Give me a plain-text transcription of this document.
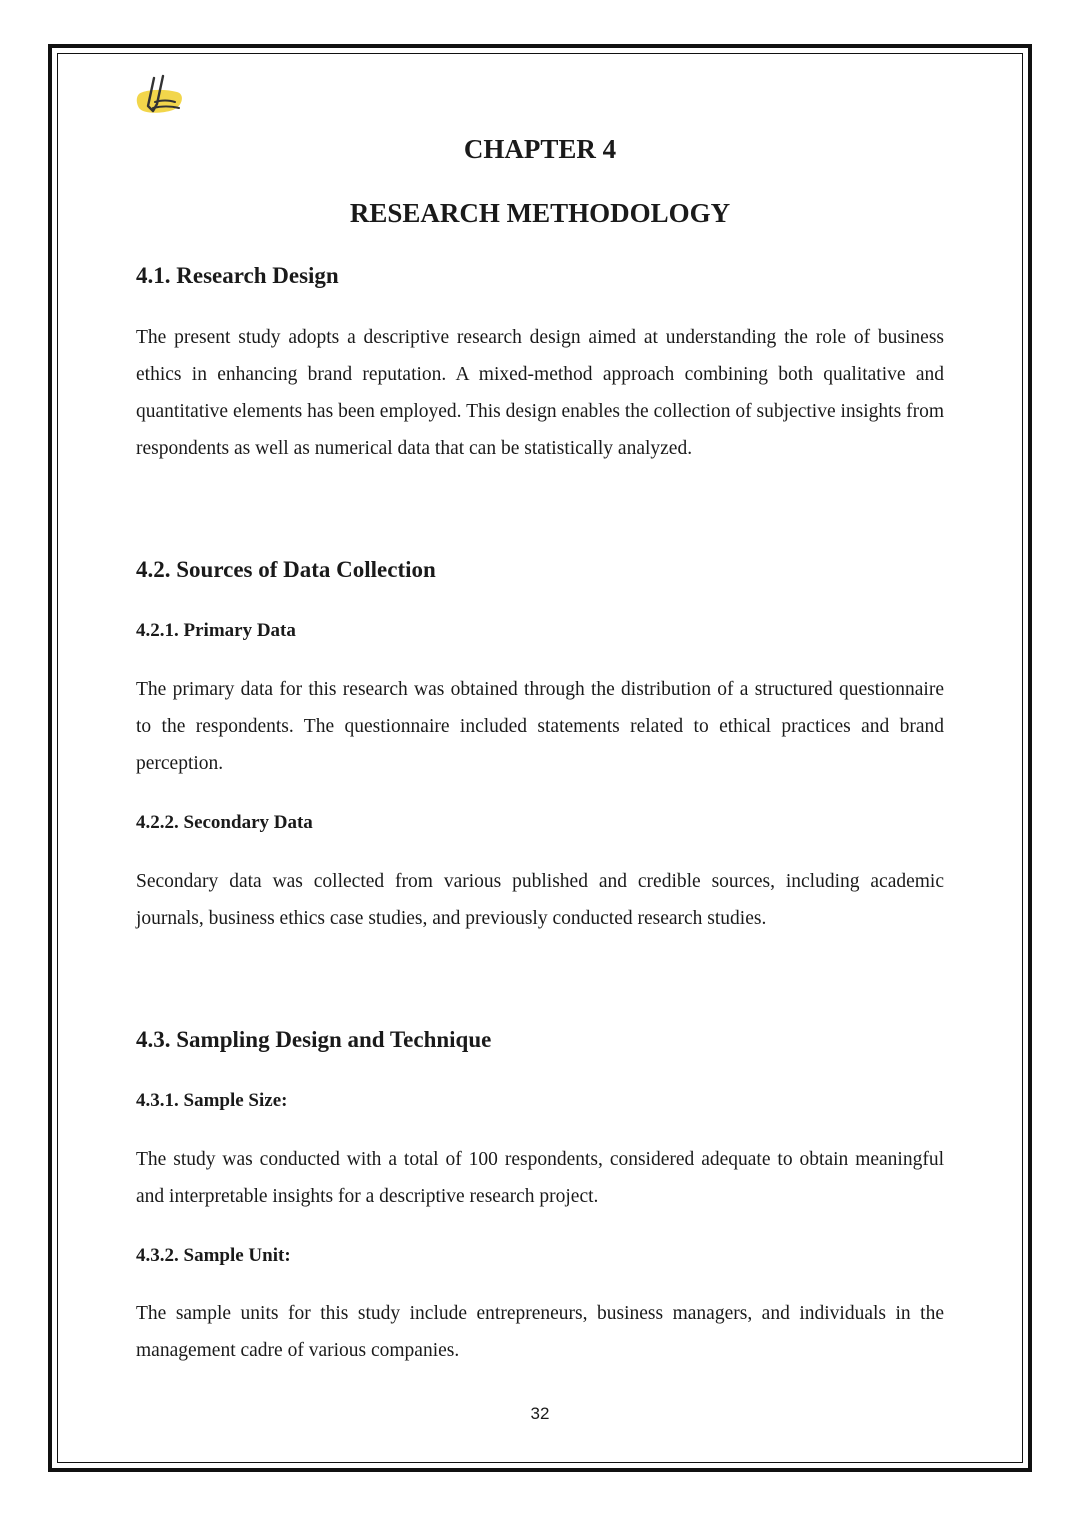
CHAPTER 4
RESEARCH METHODOLOGY
4.1. Research Design

The present study adopts a descriptive research design aimed at understanding the role of business ethics in enhancing brand reputation. A mixed-method approach combining both qualitative and quantitative elements has been employed. This design enables the collection of subjective insights from respondents as well as numerical data that can be statistically analyzed.

4.2. Sources of Data Collection
4.2.1. Primary Data

The primary data for this research was obtained through the distribution of a structured questionnaire to the respondents. The questionnaire included statements related to ethical practices and brand perception.

4.2.2. Secondary Data

Secondary data was collected from various published and credible sources, including academic journals, business ethics case studies, and previously conducted research studies.

4.3. Sampling Design and Technique
4.3.1. Sample Size:

The study was conducted with a total of 100 respondents, considered adequate to obtain meaningful and interpretable insights for a descriptive research project.

4.3.2. Sample Unit:

The sample units for this study include entrepreneurs, business managers, and individuals in the management cadre of various companies.

32
